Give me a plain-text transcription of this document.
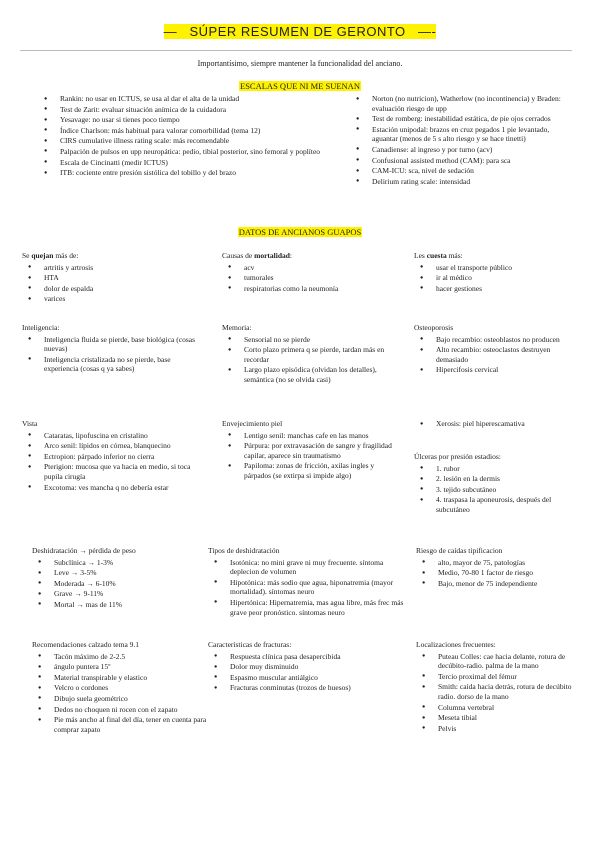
— SÚPER RESUMEN DE GERONTO —-
Importantísimo, siempre mantener la funcionalidad del anciano.
ESCALAS QUE NI ME SUENAN
● Rankin: no usar en ICTUS, se usa al dar el alta de la unidad
● Test de Zarit: evaluar situación anímica de la cuidadora
● Yesavage: no usar si tienes poco tiempo
● Índice Charlson: más habitual para valorar comorbilidad (tema 12)
● CIRS cumulative illness rating scale: más recomendable
● Palpación de pulsos en upp neuropática: pedio, tibial posterior, sino femoral y poplíteo
● Escala de Cincinatti (medir ICTUS)
● ITB: cociente entre presión sistólica del tobillo y del brazo
● Norton (no nutricion), Watherlow (no incontinencia) y Braden: evaluación riesgo de upp
● Test de romberg: inestabilidad estática, de pie ojos cerrados
● Estación unipodal: brazos en cruz pegados 1 pie levantado, aguantar (menos de 5 s alto riesgo y se hace tinetti)
● Canadiense: al ingreso y por turno (acv)
● Confusional assisted method (CAM): para sca
● CAM-ICU: sca, nivel de sedación
● Delirium rating scale: intensidad
DATOS DE ANCIANOS GUAPOS
Se quejan más de:
● artritis y artrosis
● HTA
● dolor de espalda
● varices
Causas de mortalidad:
● acv
● tumorales
● respiratorias como la neumonía
Les cuesta más:
● usar el transporte público
● ir al médico
● hacer gestiones
Inteligencia:
● Inteligencia fluida se pierde, base biológica (cosas nuevas)
● Inteligencia cristalizada no se pierde, base experiencia (cosas q ya sabes)
Memoria:
● Sensorial no se pierde
● Corto plazo primera q se pierde, tardan más en recordar
● Largo plazo episódica (olvidan los detalles), semántica (no se olvida casi)
Osteoporosis
● Bajo recambio: osteoblastos no producen
● Alto recambio: osteoclastos destruyen demasiado
● Hipercifosis cervical
Vista
● Cataratas, lipofuscina en cristalino
● Arco senil: lípidos en córnea, blanquecino
● Ectropion: párpado inferior no cierra
● Pterigion: mucosa que va hacia en medio, si toca pupila cirugía
● Excotoma: ves mancha q no debería estar
Envejecimiento piel
● Lentigo senil: manchas cafe en las manos
● Púrpura: por extravasación de sangre y fragilidad capilar, aparece sin traumatismo
● Papiloma: zonas de fricción, axilas ingles y párpados (se extirpa si impide algo)
● Xerosis: piel hiperescamativa
Úlceras por presión estadios:
● 1. rubor
● 2. lesión en la dermis
● 3. tejido subcutáneo
● 4. traspasa la aponeurosis, después del subcutáneo
Deshidratación → pérdida de peso
● Subclínica → 1-3%
● Leve → 3-5%
● Moderada → 6-10%
● Grave → 9-11%
● Mortal → mas de 11%
Tipos de deshidratación
● Isotónica: no mini grave ni muy frecuente. síntoma deplecion de volumen
● Hipotónica: más sodio que agua, hiponatremia (mayor mortalidad). síntomas neuro
● Hipertónica: Hipernatremia, mas agua libre, más frec más grave peor pronóstico. síntomas neuro
Riesgo de caídas tipificacion
● alto, mayor de 75, patologías
● Medio, 70-80 1 factor de riesgo
● Bajo, menor de 75 independiente
Recomendaciones calzado tema 9.1
● Tacón máximo de 2-2.5
● ángulo puntera 15º
● Material transpirable y elastico
● Velcro o cordones
● Dibujo suela geométrico
● Dedos no choquen ni rocen con el zapato
● Pie más ancho al final del día, tener en cuenta para comprar zapato
Características de fracturas:
● Respuesta clínica pasa desapercibida
● Dolor muy disminuido
● Espasmo muscular antiálgico
● Fracturas conminutas (trozos de huesos)
Localizaciones frecuentes:
● Puteau Colles: cae hacia delante, rotura de decúbito-radio. palma de la mano
● Tercio proximal del fémur
● Smith: caída hacia detrás, rotura de decúbito radio. dorso de la mano
● Columna vertebral
● Meseta tibial
● Pelvis
